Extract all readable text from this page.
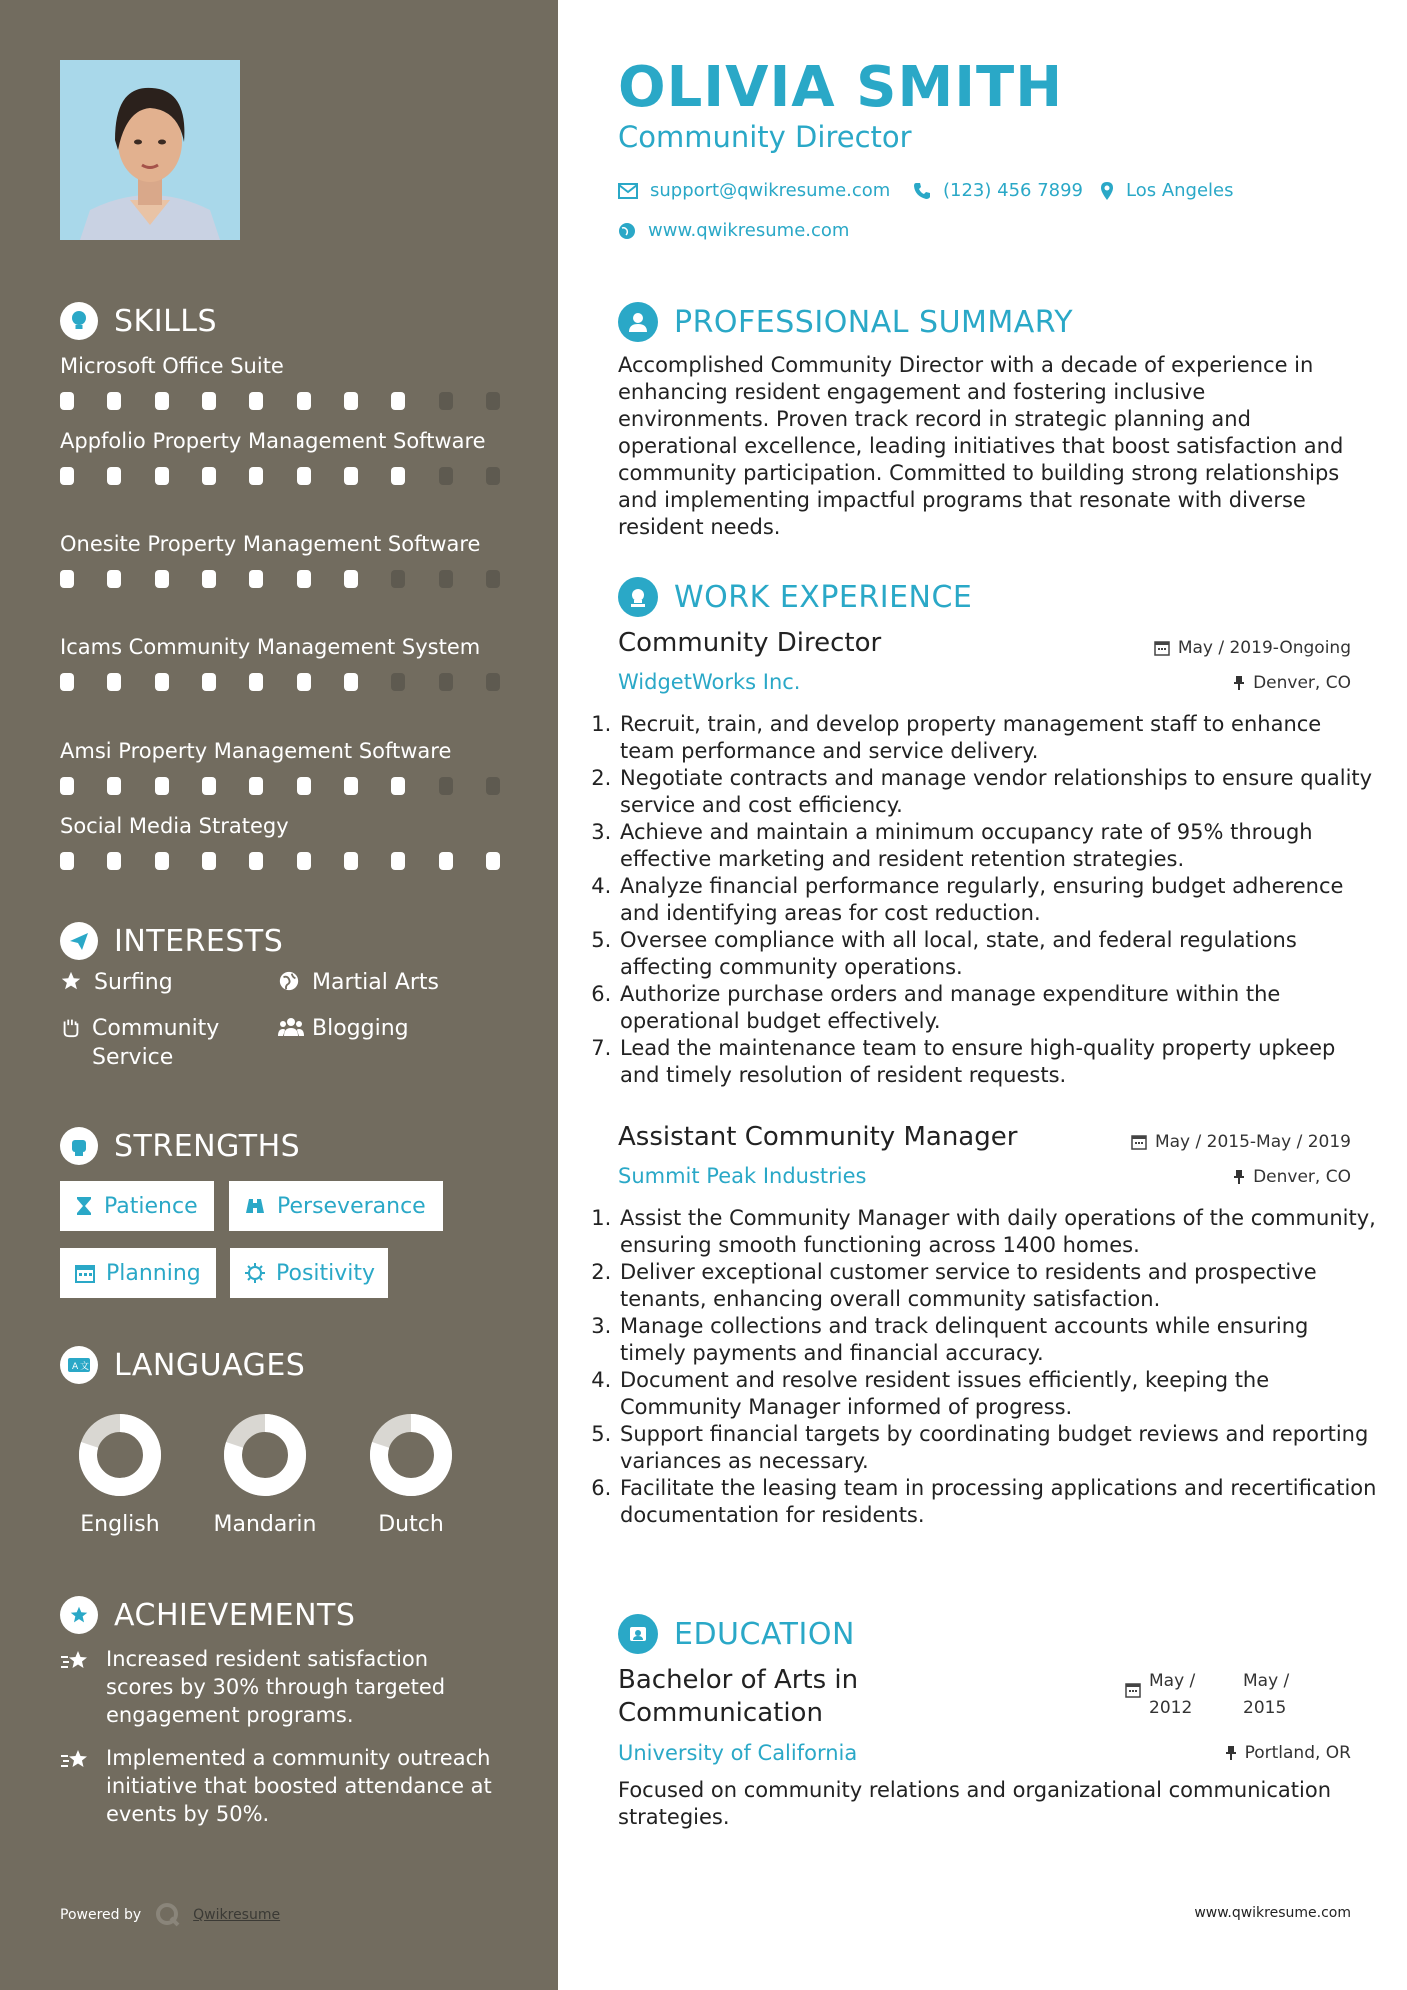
SKILLS
Microsoft Office Suite
Appfolio Property Management Software
Onesite Property Management Software
Icams Community Management System
Amsi Property Management Software
Social Media Strategy
INTERESTS
Surfing	Martial Arts
Community Service
Blogging
STRENGTHS
Patience	Perseverance
Planning	Positivity
A 文 LANGUAGES
English	Mandarin	Dutch
ACHIEVEMENTS
Increased resident satisfaction scores by 30% through targeted engagement programs.
Implemented a community outreach initiative that boosted attendance at events by 50%.
Powered by	Qwikresume
OLIVIA SMITH
Community Director
support@qwikresume.com	(123) 456 7899 Los Angeles
www.qwikresume.com
PROFESSIONAL SUMMARY
Accomplished Community Director with a decade of experience in enhancing resident engagement and fostering inclusive environments. Proven track record in strategic planning and operational excellence, leading initiatives that boost satisfaction and community participation. Committed to building strong relationships and implementing impactful programs that resonate with diverse resident needs.
WORK EXPERIENCE
Community Director	May / 2019-Ongoing
WidgetWorks Inc.	Denver, CO
1. Recruit, train, and develop property management staff to enhance team performance and service delivery.
2. Negotiate contracts and manage vendor relationships to ensure quality service and cost efficiency.
3. Achieve and maintain a minimum occupancy rate of 95% through effective marketing and resident retention strategies.
4. Analyze financial performance regularly, ensuring budget adherence and identifying areas for cost reduction.
5. Oversee compliance with all local, state, and federal regulations affecting community operations.
6. Authorize purchase orders and manage expenditure within the operational budget effectively.
7. Lead the maintenance team to ensure high-quality property upkeep and timely resolution of resident requests.
Assistant Community Manager	May / 2015-May / 2019
Summit Peak Industries	Denver, CO
1. Assist the Community Manager with daily operations of the community, ensuring smooth functioning across 1400 homes.
2. Deliver exceptional customer service to residents and prospective tenants, enhancing overall community satisfaction.
3. Manage collections and track delinquent accounts while ensuring timely payments and financial accuracy.
4. Document and resolve resident issues efficiently, keeping the Community Manager informed of progress.
5. Support financial targets by coordinating budget reviews and reporting variances as necessary.
6. Facilitate the leasing team in processing applications and recertification documentation for residents.
EDUCATION
Bachelor of Arts in Communication
May / 2012
May / 2015
University of California	Portland, OR
Focused on community relations and organizational communication strategies.
www.qwikresume.com
